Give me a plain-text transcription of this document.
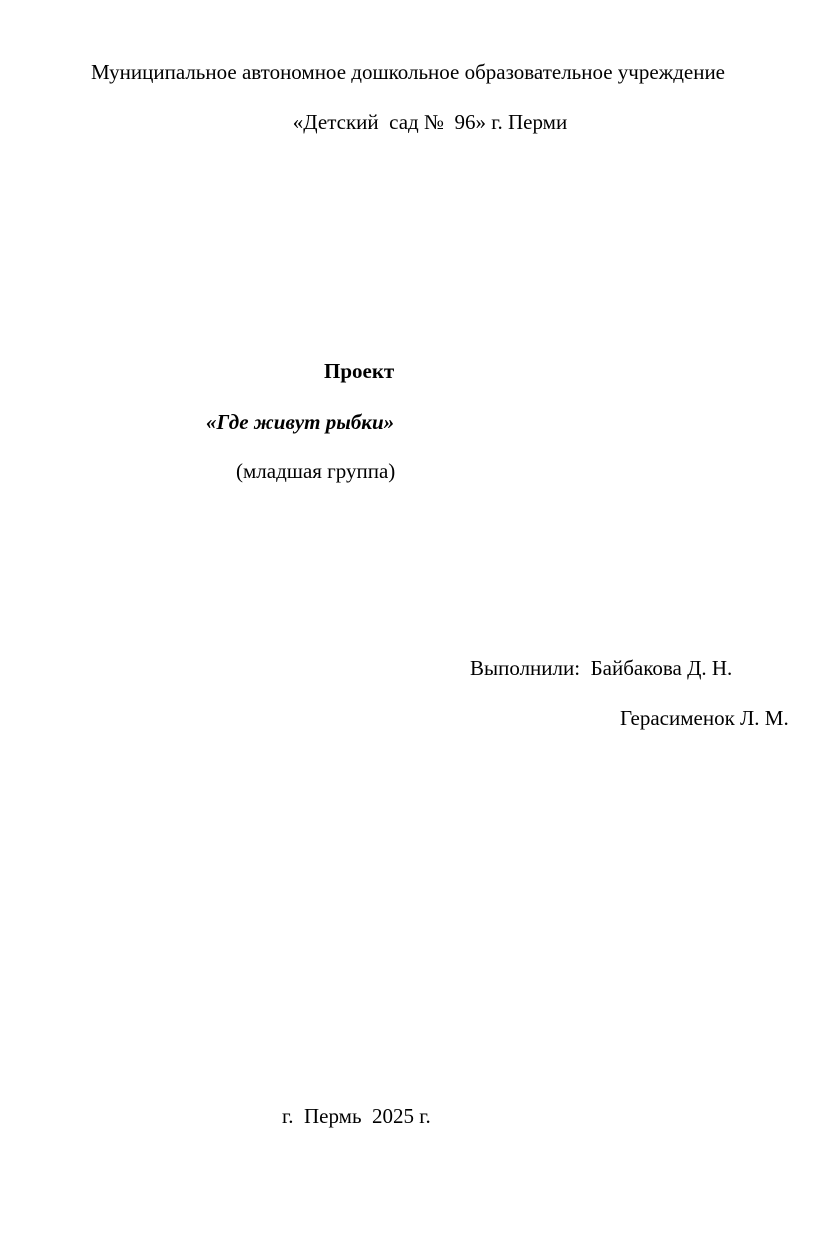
Муниципальное автономное дошкольное образовательное учреждение
«Детский  сад №  96» г. Перми
Проект
«Где живут рыбки»
(младшая группа)
Выполнили: Байбакова Д. Н.
Герасименок Л. М.
г.  Пермь  2025 г.
